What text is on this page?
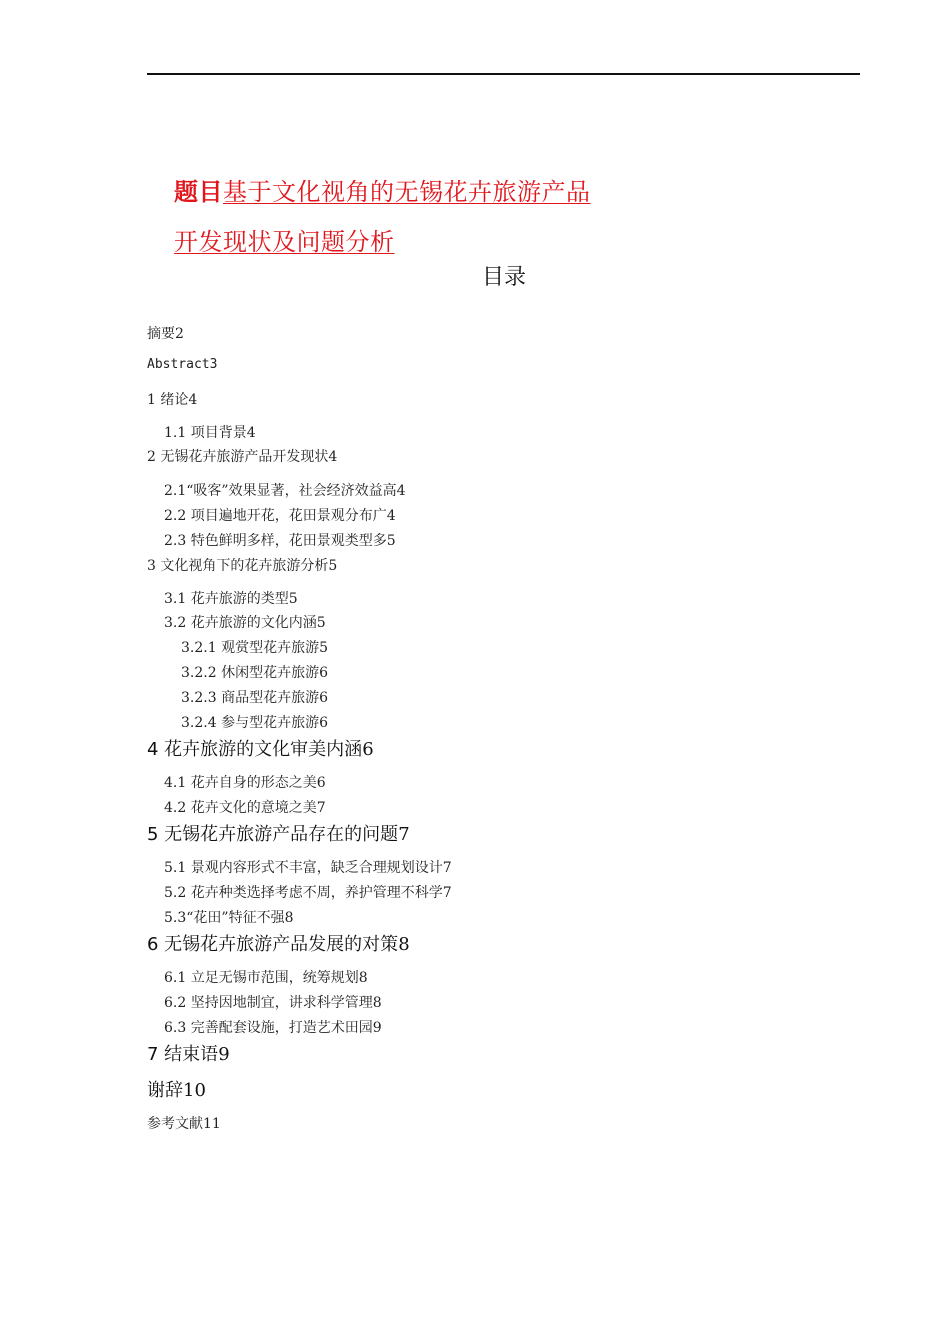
题目基于文化视角的无锡花卉旅游产品
开发现状及问题分析
目录
摘要2
Abstract3
1 绪论4
1.1 项目背景4
2 无锡花卉旅游产品开发现状4
2.1“吸客”效果显著，社会经济效益高4
2.2 项目遍地开花，花田景观分布广4
2.3 特色鲜明多样，花田景观类型多5
3 文化视角下的花卉旅游分析5
3.1 花卉旅游的类型5
3.2 花卉旅游的文化内涵5
3.2.1 观赏型花卉旅游5
3.2.2 休闲型花卉旅游6
3.2.3 商品型花卉旅游6
3.2.4 参与型花卉旅游6
4 花卉旅游的文化审美内涵6
4.1 花卉自身的形态之美6
4.2 花卉文化的意境之美7
5 无锡花卉旅游产品存在的问题7
5.1 景观内容形式不丰富，缺乏合理规划设计7
5.2 花卉种类选择考虑不周，养护管理不科学7
5.3“花田”特征不强8
6 无锡花卉旅游产品发展的对策8
6.1 立足无锡市范围，统筹规划8
6.2 坚持因地制宜，讲求科学管理8
6.3 完善配套设施，打造艺术田园9
7 结束语9
谢辞10
参考文献11
